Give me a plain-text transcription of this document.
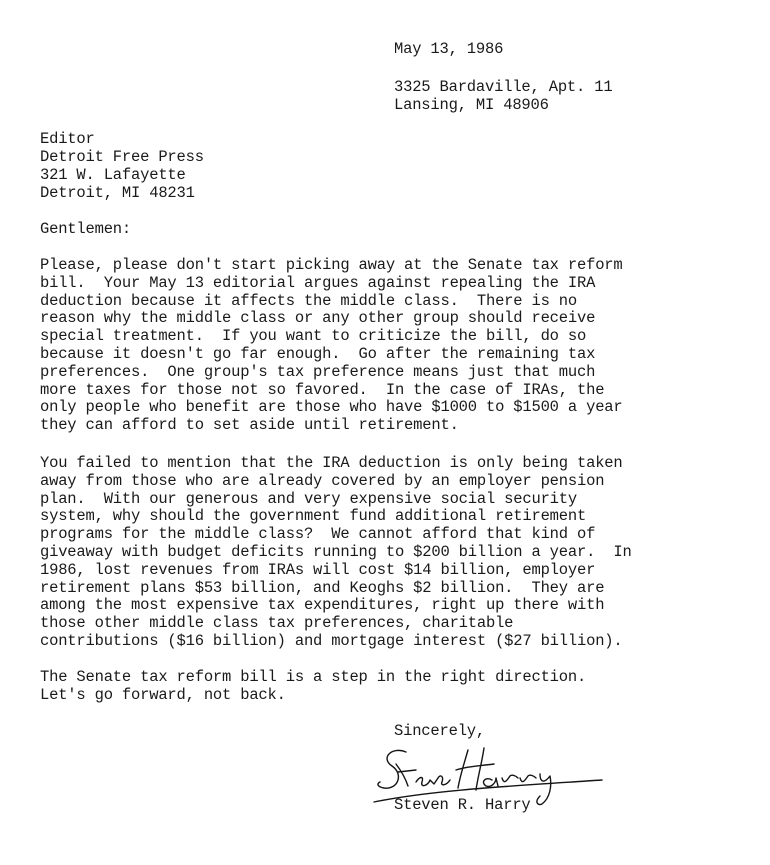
May 13, 1986
3325 Bardaville, Apt. 11
Lansing, MI 48906
Editor
Detroit Free Press
321 W. Lafayette
Detroit, MI 48231
Gentlemen:
Please, please don't start picking away at the Senate tax reform
bill.  Your May 13 editorial argues against repealing the IRA
deduction because it affects the middle class.  There is no
reason why the middle class or any other group should receive
special treatment.  If you want to criticize the bill, do so
because it doesn't go far enough.  Go after the remaining tax
preferences.  One group's tax preference means just that much
more taxes for those not so favored.  In the case of IRAs, the
only people who benefit are those who have $1000 to $1500 a year
they can afford to set aside until retirement.
You failed to mention that the IRA deduction is only being taken
away from those who are already covered by an employer pension
plan.  With our generous and very expensive social security
system, why should the government fund additional retirement
programs for the middle class?  We cannot afford that kind of
giveaway with budget deficits running to $200 billion a year.  In
1986, lost revenues from IRAs will cost $14 billion, employer
retirement plans $53 billion, and Keoghs $2 billion.  They are
among the most expensive tax expenditures, right up there with
those other middle class tax preferences, charitable
contributions ($16 billion) and mortgage interest ($27 billion).
The Senate tax reform bill is a step in the right direction.
Let's go forward, not back.
Sincerely,
Steven R. Harry
